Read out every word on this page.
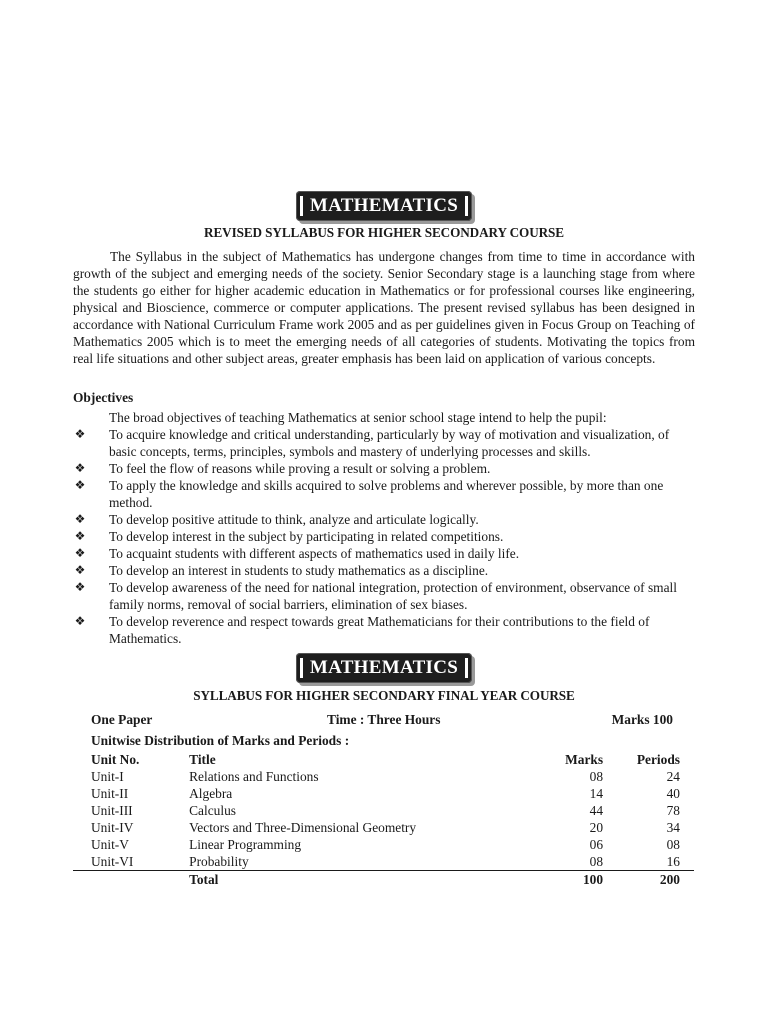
MATHEMATICS
REVISED SYLLABUS FOR HIGHER SECONDARY COURSE

The Syllabus in the subject of Mathematics has undergone changes from time to time in accordance with growth of the subject and emerging needs of the society. Senior Secondary stage is a launching stage from where the students go either for higher academic education in Mathematics or for professional courses like engineering, physical and Bioscience, commerce or computer applications. The present revised syllabus has been designed in accordance with National Curriculum Frame work 2005 and as per guidelines given in Focus Group on Teaching of Mathematics 2005 which is to meet the emerging needs of all categories of students. Motivating the topics from real life situations and other subject areas, greater emphasis has been laid on application of various concepts.

Objectives
The broad objectives of teaching Mathematics at senior school stage intend to help the pupil:
❖ To acquire knowledge and critical understanding, particularly by way of motivation and visualization, of basic concepts, terms, principles, symbols and mastery of underlying processes and skills.
❖ To feel the flow of reasons while proving a result or solving a problem.
❖ To apply the knowledge and skills acquired to solve problems and wherever possible, by more than one method.
❖ To develop positive attitude to think, analyze and articulate logically.
❖ To develop interest in the subject by participating in related competitions.
❖ To acquaint students with different aspects of mathematics used in daily life.
❖ To develop an interest in students to study mathematics as a discipline.
❖ To develop awareness of the need for national integration, protection of environment, observance of small family norms, removal of social barriers, elimination of sex biases.
❖ To develop reverence and respect towards great Mathematicians for their contributions to the field of Mathematics.
MATHEMATICS
SYLLABUS FOR HIGHER SECONDARY FINAL YEAR COURSE
One Paper	Time : Three Hours	Marks 100
Unitwise Distribution of Marks and Periods :
Unit No.	Title	Marks	Periods
Unit-I	Relations and Functions	08	24
Unit-II	Algebra	14	40
Unit-III	Calculus	44	78
Unit-IV	Vectors and Three-Dimensional Geometry	20	34
Unit-V	Linear Programming	06	08
Unit-VI	Probability	08	16
	Total	100	200
